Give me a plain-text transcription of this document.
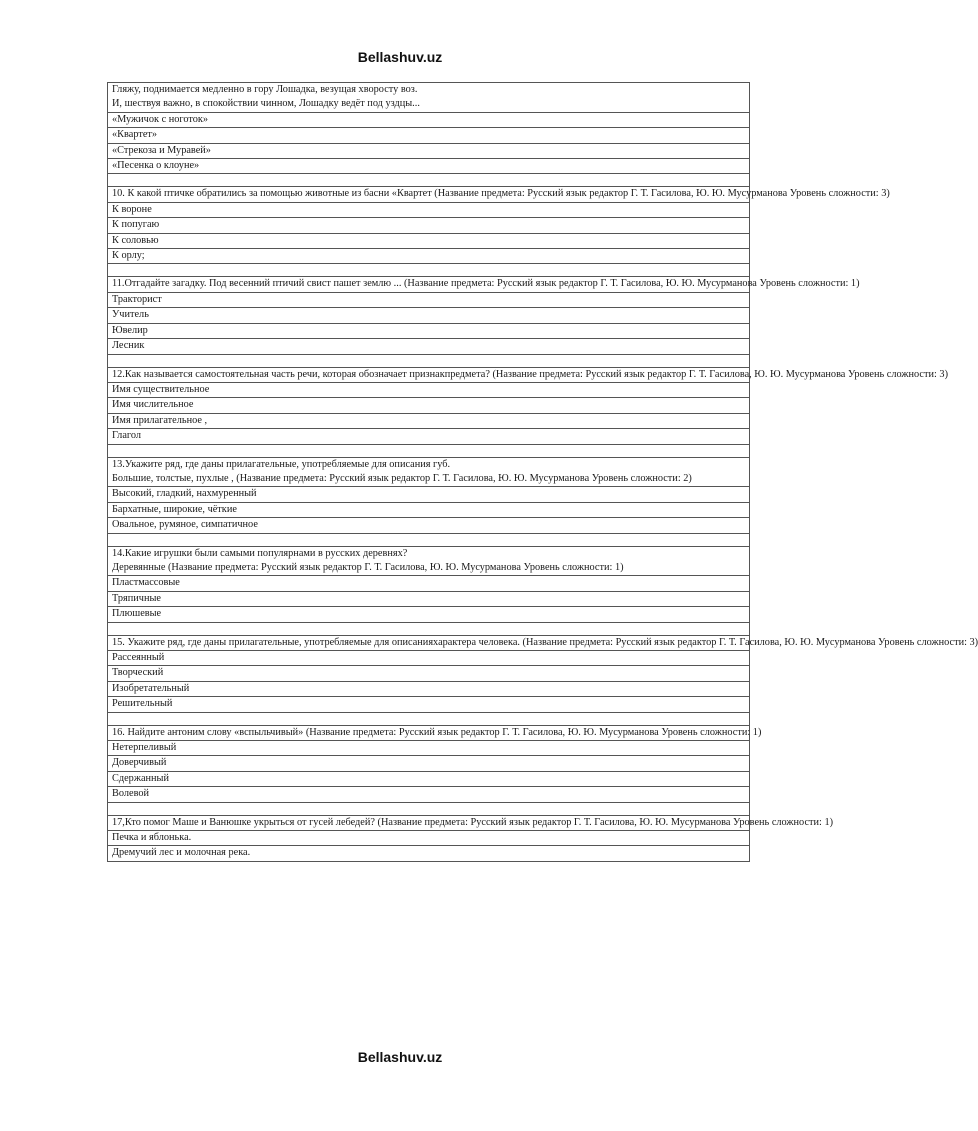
Bellashuv.uz
Гляжу, поднимается медленно в гору Лошадка, везущая хворосту воз.
И, шествуя важно, в спокойствии чинном, Лошадку ведёт под уздцы...
«Мужичок с ноготок»
«Квартет»
«Стрекоза и Муравей»
«Песенка о клоуне»

10. К какой птичке обратились за помощью животные из басни «Квартет (Название предмета: Русский язык редактор Г. Т. Гасилова, Ю. Ю. Мусурманова Уровень сложности: 3)
К вороне
К попугаю
К соловью
К орлу;

11.Отгадайте загадку. Под весенний птичий свист пашет землю ... (Название предмета: Русский язык редактор Г. Т. Гасилова, Ю. Ю. Мусурманова Уровень сложности: 1)
Тракторист
Учитель
Ювелир
Лесник

12.Как называется самостоятельная часть речи, которая обозначает признакпредмета? (Название предмета: Русский язык редактор Г. Т. Гасилова, Ю. Ю. Мусурманова Уровень сложности: 3)
Имя существительное
Имя числительное
Имя прилагательное ,
Глагол

13.Укажите ряд, где даны прилагательные, употребляемые для описания губ.
Большие, толстые, пухлые , (Название предмета: Русский язык редактор Г. Т. Гасилова, Ю. Ю. Мусурманова Уровень сложности: 2)
Высокий, гладкий, нахмуренный
Бархатные, широкие, чёткие
Овальное, румяное, симпатичное

14.Какие игрушки были самыми популярнами в русских деревнях?
Деревянные (Название предмета: Русский язык редактор Г. Т. Гасилова, Ю. Ю. Мусурманова Уровень сложности: 1)
Пластмассовые
Тряпичные
Плюшевые

15. Укажите ряд, где даны прилагательные, употребляемые для описанияхарактера человека. (Название предмета: Русский язык редактор Г. Т. Гасилова, Ю. Ю. Мусурманова Уровень сложности: 3)
Рассеянный
Творческий
Изобретательный
Решительный

16. Найдите антоним слову «вспыльчивый» (Название предмета: Русский язык редактор Г. Т. Гасилова, Ю. Ю. Мусурманова Уровень сложности: 1)
Нетерпеливый
Доверчивый
Сдержанный
Волевой

17,Кто помог Маше и Ванюшке укрыться от гусей лебедей? (Название предмета: Русский язык редактор Г. Т. Гасилова, Ю. Ю. Мусурманова Уровень сложности: 1)
Печка и яблонька.
Дремучий лес и молочная река.
Bellashuv.uz
